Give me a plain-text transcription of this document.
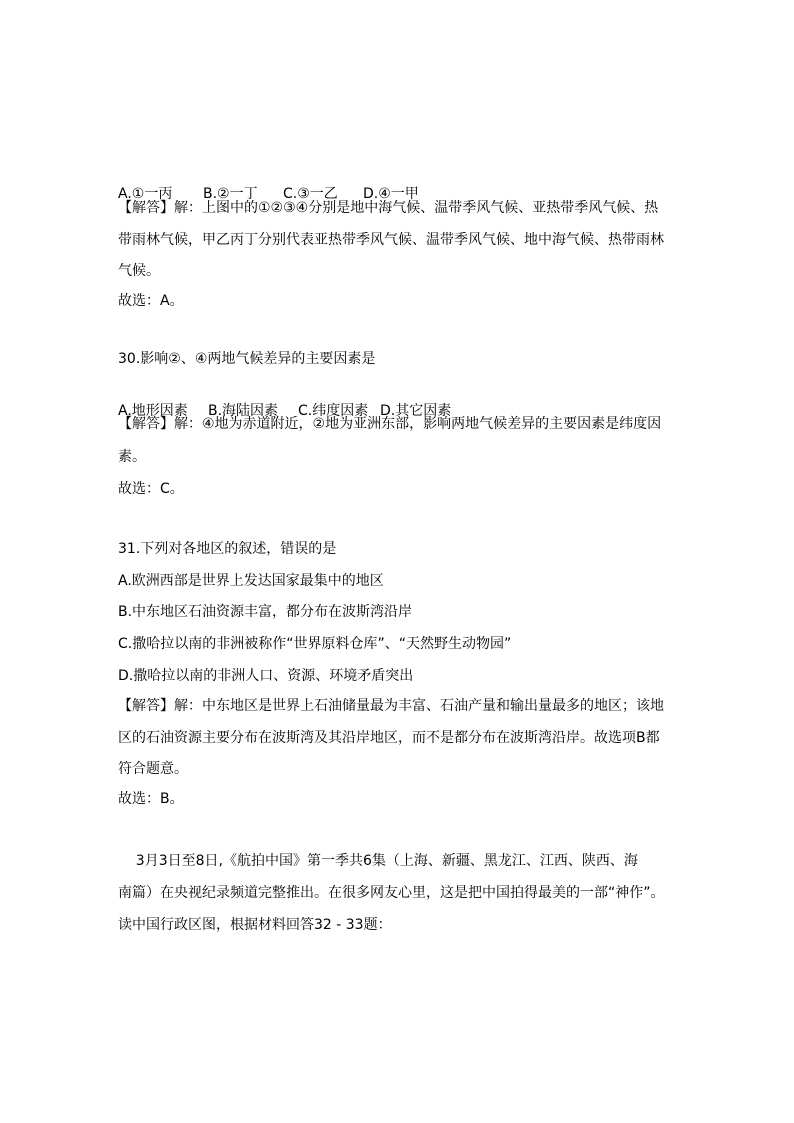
A.①一丙 B.②一丁 C.③一乙 D.④一甲

【解答】解：上图中的①②③④分别是地中海气候、温带季风气候、亚热带季风气候、热
带雨林气候，甲乙丙丁分别代表亚热带季风气候、温带季风气候、地中海气候、热带雨林
气候。
故选：A。
30.影响②、④两地气候差异的主要因素是

A.地形因素 B.海陆因素 C.纬度因素 D.其它因素

【解答】解：④地为赤道附近，②地为亚洲东部，影响两地气候差异的主要因素是纬度因
素。
故选：C。
31.下列对各地区的叙述，错误的是
A.欧洲西部是世界上发达国家最集中的地区
B.中东地区石油资源丰富，都分布在波斯湾沿岸
C.撒哈拉以南的非洲被称作“世界原料仓库”、“天然野生动物园”
D.撒哈拉以南的非洲人口、资源、环境矛盾突出
【解答】解：中东地区是世界上石油储量最为丰富、石油产量和输出量最多的地区；该地
区的石油资源主要分布在波斯湾及其沿岸地区，而不是都分布在波斯湾沿岸。故选项B都
符合题意。
故选：B。
3月3日至8日,《航拍中国》第一季共6集（上海、新疆、黑龙江、江西、陕西、海
南篇）在央视纪录频道完整推出。在很多网友心里，这是把中国拍得最美的一部“神作”。
读中国行政区图，根据材料回答32 - 33题：
